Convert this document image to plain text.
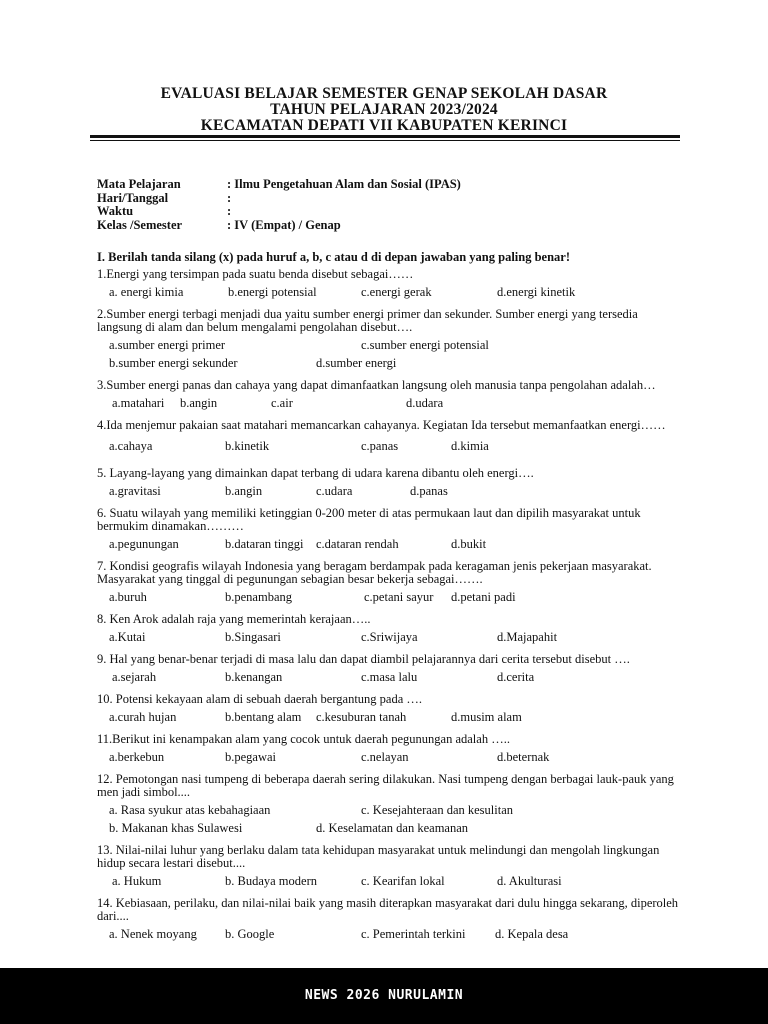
EVALUASI BELAJAR SEMESTER GENAP SEKOLAH DASAR
TAHUN PELAJARAN 2023/2024
KECAMATAN DEPATI VII KABUPATEN KERINCI
Mata Pelajaran	: Ilmu Pengetahuan Alam dan Sosial (IPAS)
Hari/Tanggal	:
Waktu	:
Kelas /Semester	: IV (Empat) / Genap
I. Berilah tanda silang (x) pada huruf a, b, c atau d di depan jawaban yang paling benar!
1.Energi yang tersimpan pada suatu benda disebut sebagai……
a. energi kimia	b.energi potensial	c.energi gerak	d.energi kinetik
2.Sumber energi terbagi menjadi dua yaitu sumber energi primer dan sekunder. Sumber energi yang tersedia langsung di alam dan belum mengalami pengolahan disebut….
a.sumber energi primer	c.sumber energi potensial
b.sumber energi sekunder	d.sumber energi
3.Sumber energi panas dan cahaya yang dapat dimanfaatkan langsung oleh manusia tanpa pengolahan adalah…
a.matahari b.angin	c.air	d.udara
4.Ida menjemur pakaian saat matahari memancarkan cahayanya. Kegiatan Ida tersebut memanfaatkan energi……
a.cahaya	b.kinetik	c.panas	d.kimia
5. Layang-layang yang dimainkan dapat terbang di udara karena dibantu oleh energi….
a.gravitasi	b.angin	c.udara	d.panas
6. Suatu wilayah yang memiliki ketinggian 0-200 meter di atas permukaan laut dan dipilih masyarakat untuk bermukim dinamakan………
a.pegunungan	b.dataran tinggi c.dataran rendah	d.bukit
7. Kondisi geografis wilayah Indonesia yang beragam berdampak pada keragaman jenis pekerjaan masyarakat. Masyarakat yang tinggal di pegunungan sebagian besar bekerja sebagai…….
a.buruh	b.penambang	c.petani sayur d.petani padi
8. Ken Arok adalah raja yang memerintah kerajaan…..
a.Kutai	b.Singasari	c.Sriwijaya	d.Majapahit
9. Hal yang benar-benar terjadi di masa lalu dan dapat diambil pelajarannya dari cerita tersebut disebut ….
a.sejarah	b.kenangan	c.masa lalu	d.cerita
10. Potensi kekayaan alam di sebuah daerah bergantung pada ….
a.curah hujan	b.bentang alam c.kesuburan tanah	d.musim alam
11.Berikut ini kenampakan alam yang cocok untuk daerah pegunungan adalah …..
a.berkebun	b.pegawai	c.nelayan	d.beternak
12. Pemotongan nasi tumpeng di beberapa daerah sering dilakukan. Nasi tumpeng dengan berbagai lauk-pauk yang men jadi simbol....
a. Rasa syukur atas kebahagiaan	c. Kesejahteraan dan kesulitan
b. Makanan khas Sulawesi	d. Keselamatan dan keamanan
13. Nilai-nilai luhur yang berlaku dalam tata kehidupan masyarakat untuk melindungi dan mengolah lingkungan hidup secara lestari disebut....
a. Hukum	b. Budaya modern	c. Kearifan lokal	d. Akulturasi
14. Kebiasaan, perilaku, dan nilai-nilai baik yang masih diterapkan masyarakat dari dulu hingga sekarang, diperoleh dari....
a. Nenek moyang b. Google	c. Pemerintah terkini d. Kepala desa
NEWS 2026 NURULAMIN
